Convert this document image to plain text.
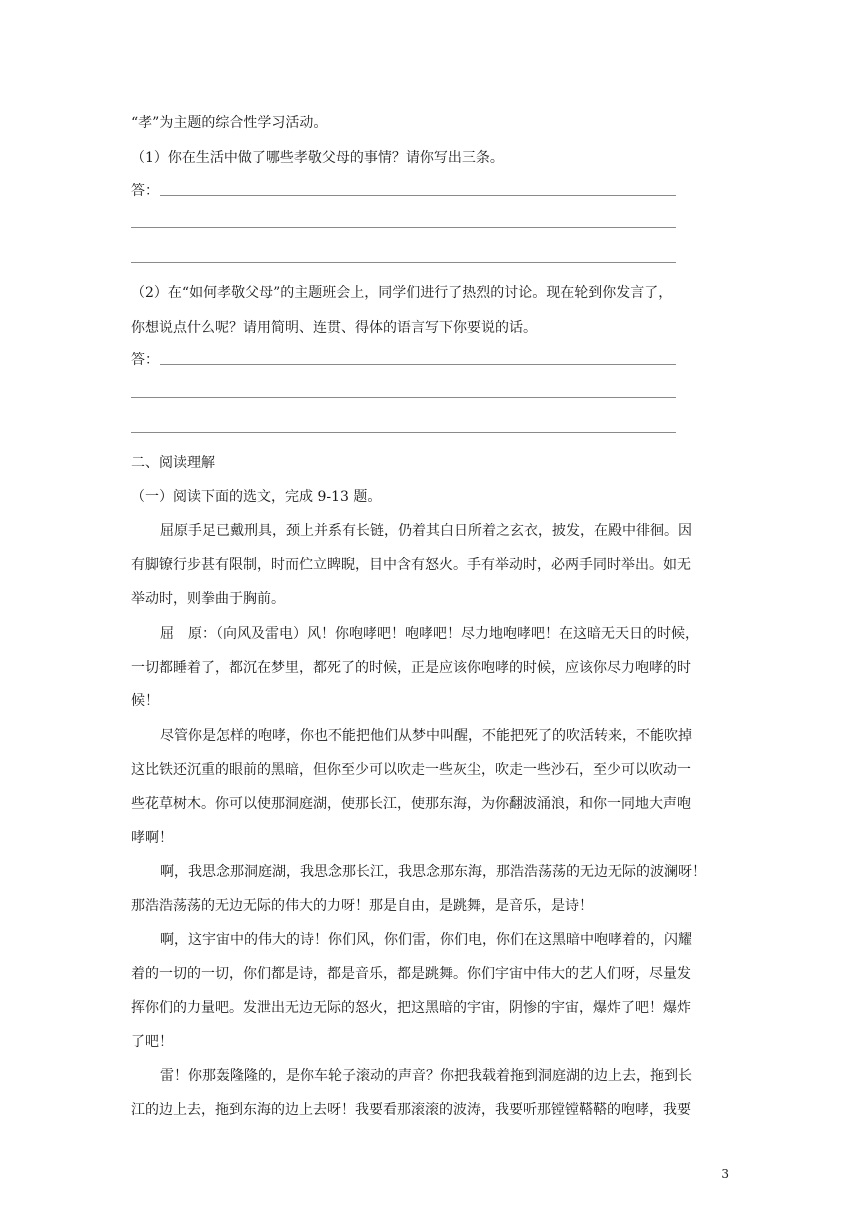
“孝”为主题的综合性学习活动。
（1）你在生活中做了哪些孝敬父母的事情？请你写出三条。
答：
（2）在“如何孝敬父母”的主题班会上，同学们进行了热烈的讨论。现在轮到你发言了，
你想说点什么呢？请用简明、连贯、得体的语言写下你要说的话。
答：
二、阅读理解
（一）阅读下面的选文，完成 9-13 题。
屈原手足已戴刑具，颈上并系有长链，仍着其白日所着之玄衣，披发，在殿中徘徊。因
有脚镣行步甚有限制，时而伫立睥睨，目中含有怒火。手有举动时，必两手同时举出。如无
举动时，则拳曲于胸前。
屈　原：（向风及雷电）风！你咆哮吧！咆哮吧！尽力地咆哮吧！在这暗无天日的时候，
一切都睡着了，都沉在梦里，都死了的时候，正是应该你咆哮的时候，应该你尽力咆哮的时
候！
尽管你是怎样的咆哮，你也不能把他们从梦中叫醒，不能把死了的吹活转来，不能吹掉
这比铁还沉重的眼前的黑暗，但你至少可以吹走一些灰尘，吹走一些沙石，至少可以吹动一
些花草树木。你可以使那洞庭湖，使那长江，使那东海，为你翻波涌浪，和你一同地大声咆
哮啊！
啊，我思念那洞庭湖，我思念那长江，我思念那东海，那浩浩荡荡的无边无际的波澜呀！
那浩浩荡荡的无边无际的伟大的力呀！那是自由，是跳舞，是音乐，是诗！
啊，这宇宙中的伟大的诗！你们风，你们雷，你们电，你们在这黑暗中咆哮着的，闪耀
着的一切的一切，你们都是诗，都是音乐，都是跳舞。你们宇宙中伟大的艺人们呀，尽量发
挥你们的力量吧。发泄出无边无际的怒火，把这黑暗的宇宙，阴惨的宇宙，爆炸了吧！爆炸
了吧！
雷！你那轰隆隆的，是你车轮子滚动的声音？你把我载着拖到洞庭湖的边上去，拖到长
江的边上去，拖到东海的边上去呀！我要看那滚滚的波涛，我要听那镗镗鞳鞳的咆哮，我要
3
